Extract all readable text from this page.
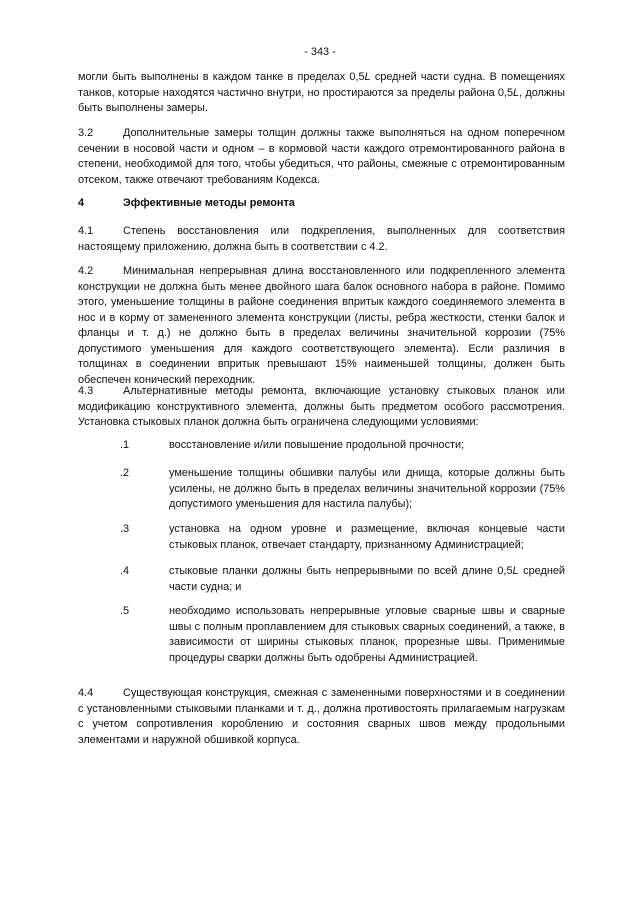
- 343 -
могли быть выполнены в каждом танке в пределах 0,5L средней части судна. В помещениях танков, которые находятся частично внутри, но простираются за пределы района 0,5L, должны быть выполнены замеры.
3.2	Дополнительные замеры толщин должны также выполняться на одном поперечном сечении в носовой части и одном – в кормовой части каждого отремонтированного района в степени, необходимой для того, чтобы убедиться, что районы, смежные с отремонтированным отсеком, также отвечают требованиям Кодекса.
4	Эффективные методы ремонта
4.1	Степень восстановления или подкрепления, выполненных для соответствия настоящему приложению, должна быть в соответствии с 4.2.
4.2	Минимальная непрерывная длина восстановленного или подкрепленного элемента конструкции не должна быть менее двойного шага балок основного набора в районе. Помимо этого, уменьшение толщины в районе соединения впритык каждого соединяемого элемента в нос и в корму от замененного элемента конструкции (листы, ребра жесткости, стенки балок и фланцы и т. д.) не должно быть в пределах величины значительной коррозии (75% допустимого уменьшения для каждого соответствующего элемента). Если различия в толщинах в соединении впритык превышают 15% наименьшей толщины, должен быть обеспечен конический переходник.
4.3	Альтернативные методы ремонта, включающие установку стыковых планок или модификацию конструктивного элемента, должны быть предметом особого рассмотрения. Установка стыковых планок должна быть ограничена следующими условиями:
.1	восстановление и/или повышение продольной прочности;
.2	уменьшение толщины обшивки палубы или днища, которые должны быть усилены, не должно быть в пределах величины значительной коррозии (75% допустимого уменьшения для настила палубы);
.3	установка на одном уровне и размещение, включая концевые части стыковых планок, отвечает стандарту, признанному Администрацией;
.4	стыковые планки должны быть непрерывными по всей длине 0,5L средней части судна; и
.5	необходимо использовать непрерывные угловые сварные швы и сварные швы с полным проплавлением для стыковых сварных соединений, а также, в зависимости от ширины стыковых планок, прорезные швы. Применимые процедуры сварки должны быть одобрены Администрацией.
4.4	Существующая конструкция, смежная с замененными поверхностями и в соединении с установленными стыковыми планками и т. д., должна противостоять прилагаемым нагрузкам с учетом сопротивления короблению и состояния сварных швов между продольными элементами и наружной обшивкой корпуса.
